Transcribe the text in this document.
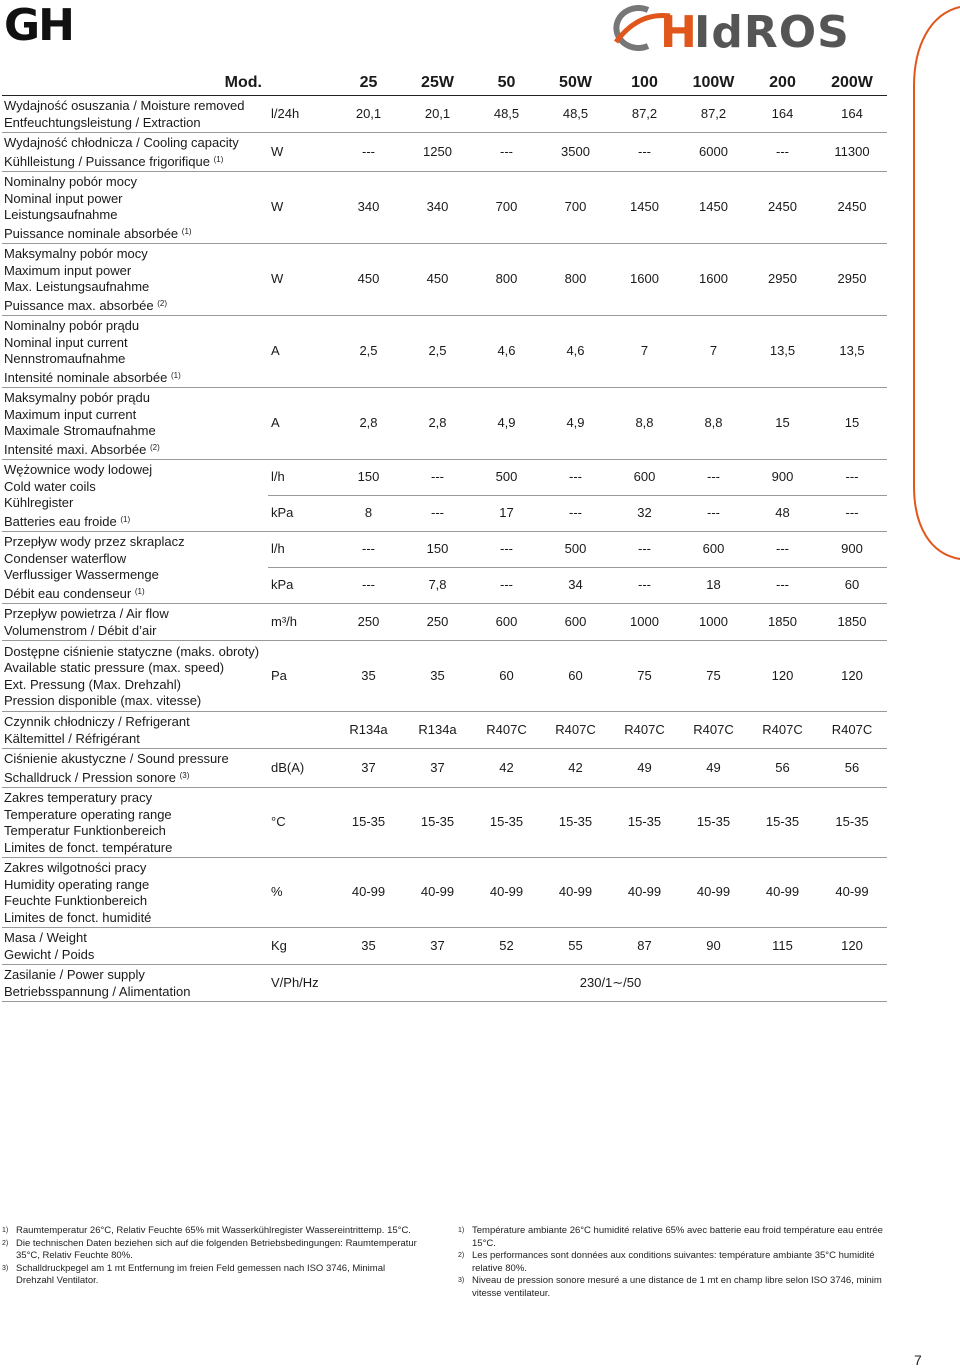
GH	H
IdROS
Mod.		25	25W	50	50W	100	100W	200	200W

Wydajność osuszania / Moisture removed
Entfeuchtungsleistung / Extraction	l/24h	20,1	20,1	48,5	48,5	87,2	87,2	164	164

Wydajność chłodnicza / Cooling capacity
Kühlleistung / Puissance frigorifique $^{(1)}$	W	---	1250	---	3500	---	6000	---	11300

Nominalny pobór mocy
Nominal input power
Leistungsaufnahme
Puissance nominale absorbée $^{(1)}$	W	340	340	700	700	1450	1450	2450	2450

Maksymalny pobór mocy
Maximum input power
Max. Leistungsaufnahme
Puissance max. absorbée $^{(2)}$	W	450	450	800	800	1600	1600	2950	2950

Nominalny pobór prądu
Nominal input current
Nennstromaufnahme
Intensité nominale absorbée $^{(1)}$	A	2,5	2,5	4,6	4,6	7	7	13,5	13,5

Maksymalny pobór prądu
Maximum input current
Maximale Stromaufnahme
Intensité maxi. Absorbée $^{(2)}$	A	2,8	2,8	4,9	4,9	8,8	8,8	15	15

Wężownice wody lodowej
Cold water coils
Kühlregister
Batteries eau froide $^{(1)}$	l/h	150	---	500	---	600	---	900	---
	kPa	8	---	17	---	32	---	48	---

Przepływ wody przez skraplacz
Condenser waterflow
Verflussiger Wassermenge
Débit eau condenseur $^{(1)}$	l/h	---	150	---	500	---	600	---	900
	kPa	---	7,8	---	34	---	18	---	60

Przepływ powietrza / Air flow
Volumenstrom / Débit d’air	m³/h	250	250	600	600	1000	1000	1850	1850

Dostępne ciśnienie statyczne (maks. obroty)
Available static pressure (max. speed)
Ext. Pressung (Max. Drehzahl)
Pression disponible (max. vitesse)	Pa	35	35	60	60	75	75	120	120

Czynnik chłodniczy / Refrigerant
Kältemittel / Réfrigérant		R134a	R134a	R407C	R407C	R407C	R407C	R407C	R407C

Ciśnienie akustyczne / Sound pressure
Schalldruck / Pression sonore $^{(3)}$	dB(A)	37	37	42	42	49	49	56	56

Zakres temperatury pracy
Temperature operating range
Temperatur Funktionbereich
Limites de fonct. température	°C	15-35	15-35	15-35	15-35	15-35	15-35	15-35	15-35

Zakres wilgotności pracy
Humidity operating range
Feuchte Funktionbereich
Limites de fonct. humidité	%	40-99	40-99	40-99	40-99	40-99	40-99	40-99	40-99

Masa / Weight
Gewicht / Poids	Kg	35	37	52	55	87	90	115	120

Zasilanie / Power supply
Betriebsspannung / Alimentation	V/Ph/Hz	230/1∼/50							
1) Raumtemperatur 26°C, Relativ Feuchte 65% mit Wasserkühlregister Wassereintrittemp. 15°C.
2) Die technischen Daten beziehen sich auf die folgenden Betriebsbedingungen: Raumtemperatur 35°C, Relativ Feuchte 80%.
3) Schalldruckpegel am 1 mt Entfernung im freien Feld gemessen nach ISO 3746, Minimal Drehzahl Ventilator.
1) Température ambiante 26°C humidité relative 65% avec batterie eau froid température eau entrée 15°C.
2) Les performances sont données aux conditions suivantes: température ambiante 35°C humidité relative 80%.
3) Niveau de pression sonore mesuré a une distance de 1 mt en champ libre selon ISO 3746, minim vitesse ventilateur.
7
